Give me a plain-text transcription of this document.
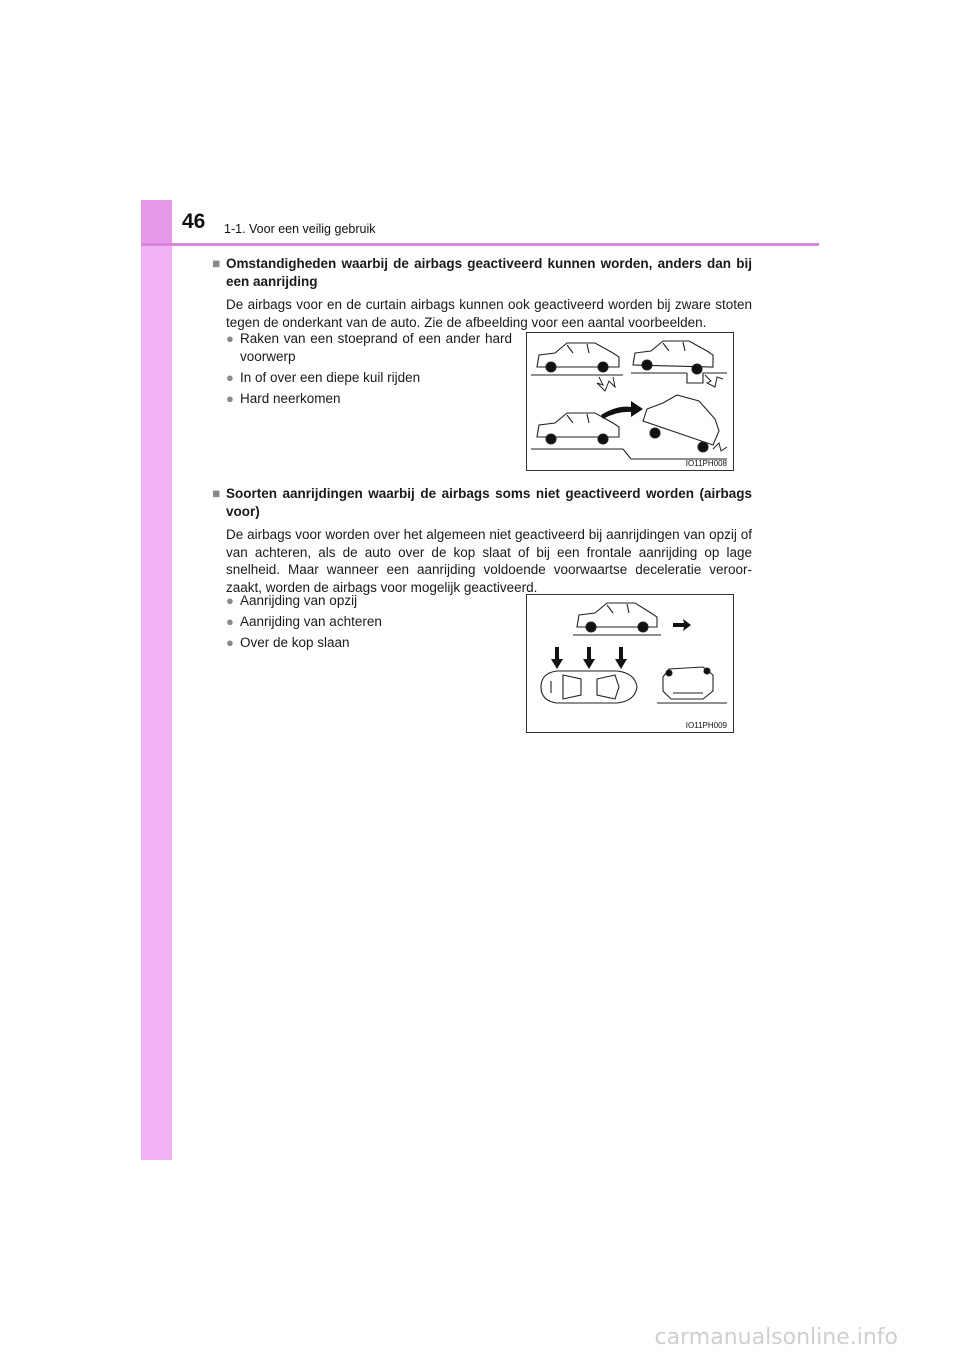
46 1-1. Voor een veilig gebruik

■ Omstandigheden waarbij de airbags geactiveerd kunnen worden, anders dan bij een aanrijding

De airbags voor en de curtain airbags kunnen ook geactiveerd worden bij zware stoten tegen de onderkant van de auto. Zie de afbeelding voor een aantal voorbeelden.

● Raken van een stoeprand of een ander hard voorwerp
● In of over een diepe kuil rijden
● Hard neerkomen
IO11PH008

■ Soorten aanrijdingen waarbij de airbags soms niet geactiveerd worden (airbags voor)

De airbags voor worden over het algemeen niet geactiveerd bij aanrijdingen van opzij of van achteren, als de auto over de kop slaat of bij een frontale aanrijding op lage snelheid. Maar wanneer een aanrijding voldoende voorwaartse deceleratie veroor-zaakt, worden de airbags voor mogelijk geactiveerd.

● Aanrijding van opzij
● Aanrijding van achteren
● Over de kop slaan
IO11PH009
carmanualsonline.info
